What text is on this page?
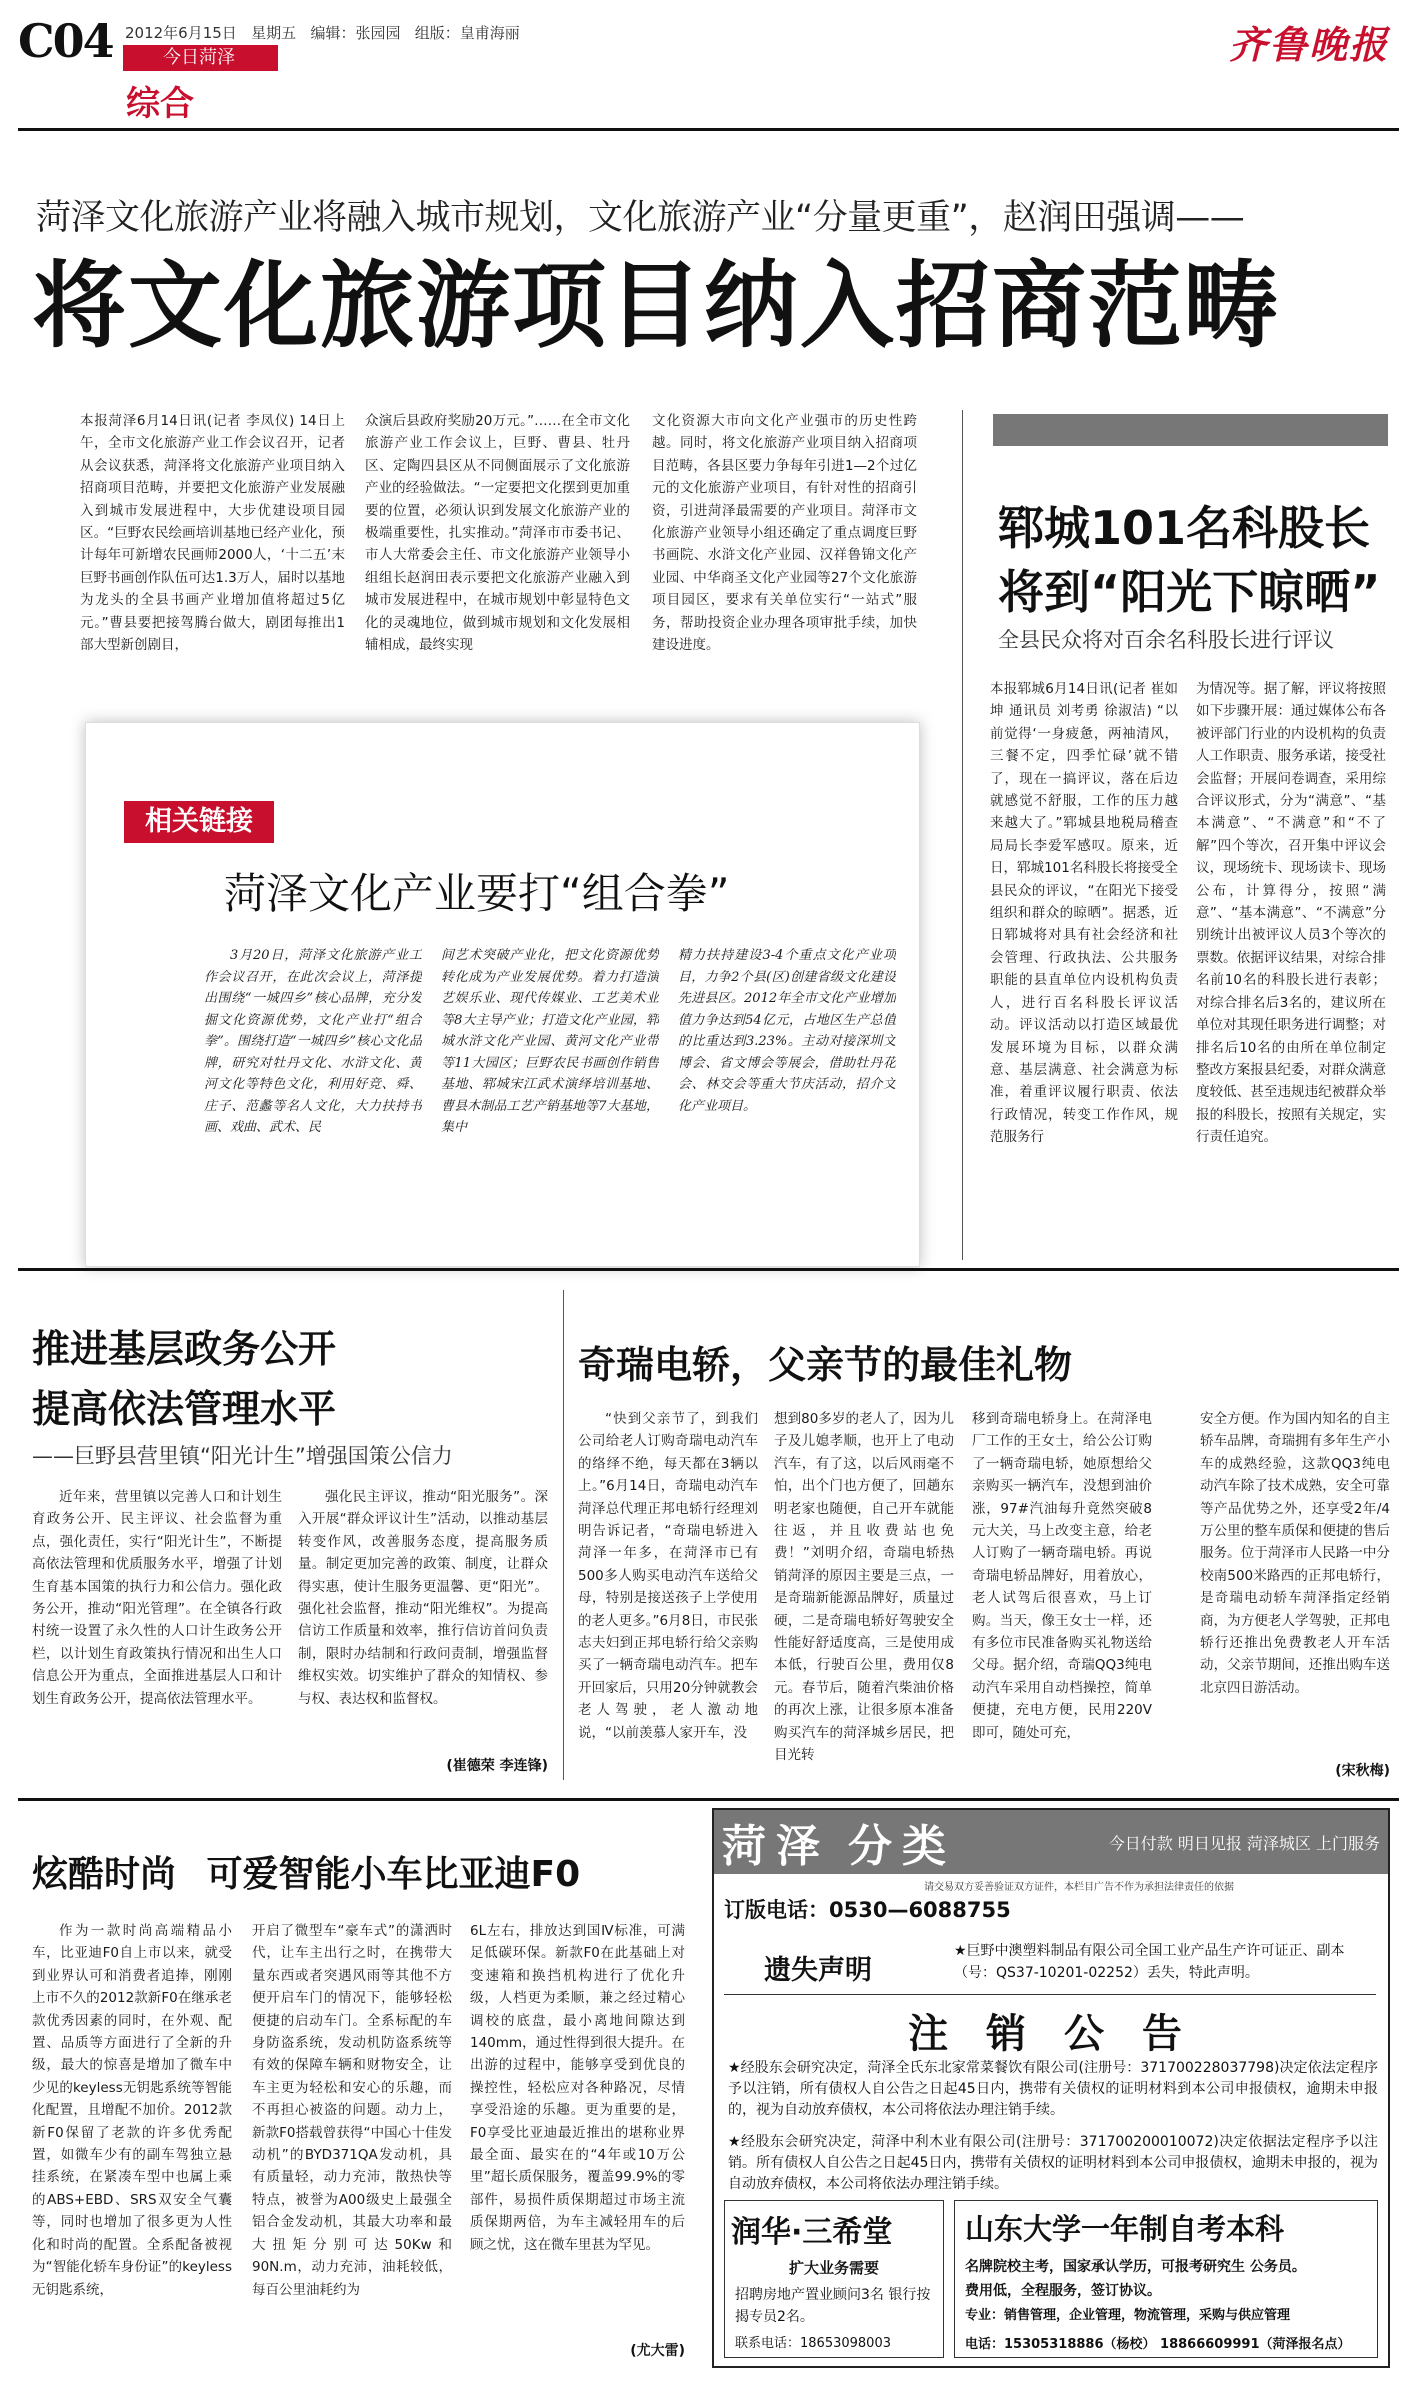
C04 2012年6月15日 星期五 编辑：张园园 组版：皇甫海丽
今日菏泽
综合
齐鲁晚报
菏泽文化旅游产业将融入城市规划，文化旅游产业“分量更重”，赵润田强调——
将文化旅游项目纳入招商范畴

本报菏泽6月14日讯(记者 李凤仪) 14日上午，全市文化旅游产业工作会议召开，记者从会议获悉，菏泽将文化旅游产业项目纳入招商项目范畴，并要把文化旅游产业发展融入到城市发展进程中，大步优建设项目园区。“巨野农民绘画培训基地已经产业化，预计每年可新增农民画师2000人，‘十二五’末巨野书画创作队伍可达1.3万人，届时以基地为龙头的全县书画产业增加值将超过5亿元。”曹县要把接驾腾台做大，剧团每推出1部大型新创剧目，

众演后县政府奖励20万元。”……在全市文化旅游产业工作会议上，巨野、曹县、牡丹区、定陶四县区从不同侧面展示了文化旅游产业的经验做法。“一定要把文化摆到更加重要的位置，必须认识到发展文化旅游产业的极端重要性，扎实推动。”菏泽市市委书记、市人大常委会主任、市文化旅游产业领导小组组长赵润田表示要把文化旅游产业融入到城市发展进程中，在城市规划中彰显特色文化的灵魂地位，做到城市规划和文化发展相辅相成，最终实现

文化资源大市向文化产业强市的历史性跨越。同时，将文化旅游产业项目纳入招商项目范畴，各县区要力争每年引进1—2个过亿元的文化旅游产业项目，有针对性的招商引资，引进菏泽最需要的产业项目。菏泽市文化旅游产业领导小组还确定了重点调度巨野书画院、水浒文化产业园、汉祥鲁锦文化产业园、中华商圣文化产业园等27个文化旅游项目园区，要求有关单位实行“一站式”服务，帮助投资企业办理各项审批手续，加快建设进度。

相关链接
菏泽文化产业要打“组合拳”

3月20日，菏泽文化旅游产业工作会议召开，在此次会议上，菏泽提出围绕“一城四乡”核心品牌，充分发掘文化资源优势，文化产业打“组合拳”。围绕打造“一城四乡”核心文化品牌，研究对牡丹文化、水浒文化、黄河文化等特色文化，利用好竞、舜、庄子、范蠡等名人文化，大力扶持书画、戏曲、武术、民

间艺术突破产业化，把文化资源优势转化成为产业发展优势。着力打造演艺娱乐业、现代传媒业、工艺美术业等8大主导产业；打造文化产业园，郓城水浒文化产业园、黄河文化产业带等11大园区；巨野农民书画创作销售基地、郓城宋江武术演绎培训基地、曹县木制品工艺产销基地等7大基地，集中

精力扶持建设3-4个重点文化产业项目，力争2个县(区)创建省级文化建设先进县区。2012年全市文化产业增加值力争达到54亿元，占地区生产总值的比重达到3.23%。主动对接深圳文博会、省文博会等展会，借助牡丹花会、林交会等重大节庆活动，招介文化产业项目。

郓城101名科股长
将到“阳光下晾晒”
全县民众将对百余名科股长进行评议

本报郓城6月14日讯(记者 崔如坤 通讯员 刘考勇 徐淑洁) “以前觉得‘一身疲惫，两袖清风，三餐不定，四季忙碌’就不错了，现在一搞评议，落在后边就感觉不舒服，工作的压力越来越大了。”郓城县地税局稽查局局长李爱军感叹。原来，近日，郓城101名科股长将接受全县民众的评议，“在阳光下接受组织和群众的晾晒”。据悉，近日郓城将对具有社会经济和社会管理、行政执法、公共服务职能的县直单位内设机构负责人，进行百名科股长评议活动。评议活动以打造区域最优发展环境为目标，以群众满意、基层满意、社会满意为标准，着重评议履行职责、依法行政情况，转变工作作风，规范服务行

为情况等。据了解，评议将按照如下步骤开展：通过媒体公布各被评部门行业的内设机构的负责人工作职责、服务承诺，接受社会监督；开展问卷调查，采用综合评议形式，分为“满意”、“基本满意”、“不满意”和“不了解”四个等次，召开集中评议会议，现场统卡、现场读卡、现场公布，计算得分，按照“满意”、“基本满意”、“不满意”分别统计出被评议人员3个等次的票数。依据评议结果，对综合排名前10名的科股长进行表彰；对综合排名后3名的，建议所在单位对其现任职务进行调整；对排名后10名的由所在单位制定整改方案报县纪委，对群众满意度较低、甚至违规违纪被群众举报的科股长，按照有关规定，实行责任追究。

推进基层政务公开
提高依法管理水平
——巨野县营里镇“阳光计生”增强国策公信力

近年来，营里镇以完善人口和计划生育政务公开、民主评议、社会监督为重点，强化责任，实行“阳光计生”，不断提高依法管理和优质服务水平，增强了计划生育基本国策的执行力和公信力。强化政务公开，推动“阳光管理”。在全镇各行政村统一设置了永久性的人口计生政务公开栏，以计划生育政策执行情况和出生人口信息公开为重点，全面推进基层人口和计划生育政务公开，提高依法管理水平。

强化民主评议，推动“阳光服务”。深入开展“群众评议计生”活动，以推动基层转变作风，改善服务态度，提高服务质量。制定更加完善的政策、制度，让群众得实惠，使计生服务更温馨、更“阳光”。强化社会监督，推动“阳光维权”。为提高信访工作质量和效率，推行信访首问负责制，限时办结制和行政问责制，增强监督维权实效。切实维护了群众的知情权、参与权、表达权和监督权。

(崔德荣 李连锋)
奇瑞电轿，父亲节的最佳礼物

“快到父亲节了，到我们公司给老人订购奇瑞电动汽车的络绎不绝，每天都在3辆以上。”6月14日，奇瑞电动汽车菏泽总代理正邦电轿行经理刘明告诉记者，“奇瑞电轿进入菏泽一年多，在菏泽市已有500多人购买电动汽车送给父母，特别是接送孩子上学使用的老人更多。”6月8日，市民张志夫妇到正邦电轿行给父亲购买了一辆奇瑞电动汽车。把车开回家后，只用20分钟就教会老人驾驶，老人激动地说，“以前羡慕人家开车，没

想到80多岁的老人了，因为儿子及儿媳孝顺，也开上了电动汽车，有了这，以后风雨毫不怕，出个门也方便了，回趟东明老家也随便，自己开车就能往返，并且收费站也免费！”刘明介绍，奇瑞电轿热销菏泽的原因主要是三点，一是奇瑞新能源品牌好，质量过硬，二是奇瑞电轿好驾驶安全性能好舒适度高，三是使用成本低，行驶百公里，费用仅8元。春节后，随着汽柴油价格的再次上涨，让很多原本准备购买汽车的菏泽城乡居民，把目光转

移到奇瑞电轿身上。在菏泽电厂工作的王女士，给公公订购了一辆奇瑞电轿，她原想给父亲购买一辆汽车，没想到油价涨，97#汽油每升竟然突破8元大关，马上改变主意，给老人订购了一辆奇瑞电轿。再说奇瑞电轿品牌好，用着放心，老人试驾后很喜欢，马上订购。当天，像王女士一样，还有多位市民准备购买礼物送给父母。据介绍，奇瑞QQ3纯电动汽车采用自动档操控，简单便捷，充电方便，民用220V即可，随处可充，

安全方便。作为国内知名的自主轿车品牌，奇瑞拥有多年生产小车的成熟经验，这款QQ3纯电动汽车除了技术成熟，安全可靠等产品优势之外，还享受2年/4万公里的整车质保和便捷的售后服务。位于菏泽市人民路一中分校南500米路西的正邦电轿行，是奇瑞电动轿车菏泽指定经销商，为方便老人学驾驶，正邦电轿行还推出免费教老人开车活动，父亲节期间，还推出购车送北京四日游活动。

(宋秋梅)
炫酷时尚 可爱智能小车比亚迪F0

作为一款时尚高端精品小车，比亚迪F0自上市以来，就受到业界认可和消费者追捧，刚刚上市不久的2012款新F0在继承老款优秀因素的同时，在外观、配置、品质等方面进行了全新的升级，最大的惊喜是增加了微车中少见的keyless无钥匙系统等智能化配置，且增配不加价。2012款新F0保留了老款的许多优秀配置，如微车少有的副车驾独立悬挂系统，在紧凑车型中也属上乘的ABS+EBD、SRS双安全气囊等，同时也增加了很多更为人性化和时尚的配置。全系配备被视为“智能化轿车身份证”的keyless无钥匙系统，

开启了微型车“豪车式”的潇洒时代，让车主出行之时，在携带大量东西或者突遇风雨等其他不方便开启车门的情况下，能够轻松便捷的启动车门。全系标配的车身防盗系统，发动机防盗系统等有效的保障车辆和财物安全，让车主更为轻松和安心的乐趣，而不再担心被盗的问题。动力上，新款F0搭载曾获得“中国心十佳发动机”的BYD371QA发动机，具有质量轻，动力充沛，散热快等特点，被誉为A00级史上最强全铝合金发动机，其最大功率和最大扭矩分别可达50Kw和90N.m，动力充沛，油耗较低，每百公里油耗约为

6L左右，排放达到国Ⅳ标准，可满足低碳环保。新款F0在此基础上对变速箱和换挡机构进行了优化升级，人档更为柔顺，兼之经过精心调校的底盘，最小离地间隙达到140mm，通过性得到很大提升。在出游的过程中，能够享受到优良的操控性，轻松应对各种路况，尽情享受沿途的乐趣。更为重要的是，F0享受比亚迪最近推出的堪称业界最全面、最实在的“4年或10万公里”超长质保服务，覆盖99.9%的零部件，易损件质保期超过市场主流质保期两倍，为车主减轻用车的后顾之忧，这在微车里甚为罕见。

(尤大雷)
菏 泽 分 类	今日付款 明日见报 菏泽城区 上门服务
请交易双方妥善验证双方证件，本栏目广告不作为承担法律责任的依据
订版电话：0530—6088755
遗失声明
★巨野中澳塑料制品有限公司全国工业产品生产许可证正、副本（号：QS37-10201-02252）丢失，特此声明。
注 销 公 告
★经股东会研究决定，菏泽全氏东北家常菜餐饮有限公司(注册号：371700228037798)决定依法定程序予以注销，所有债权人自公告之日起45日内，携带有关债权的证明材料到本公司申报债权，逾期未申报的，视为自动放弃债权，本公司将依法办理注销手续。
★经股东会研究决定，菏泽中利木业有限公司(注册号：371700200010072)决定依据法定程序予以注销。所有债权人自公告之日起45日内，携带有关债权的证明材料到本公司申报债权，逾期未申报的，视为自动放弃债权，本公司将依法办理注销手续。
润华·三希堂
扩大业务需要
招聘房地产置业顾问3名 银行按揭专员2名。
联系电话：18653098003
山东大学一年制自考本科
名牌院校主考，国家承认学历，可报考研究生 公务员。
费用低，全程服务，签订协议。
专业：销售管理，企业管理，物流管理，采购与供应管理
电话：15305318886（杨校） 18866609991（菏泽报名点）
